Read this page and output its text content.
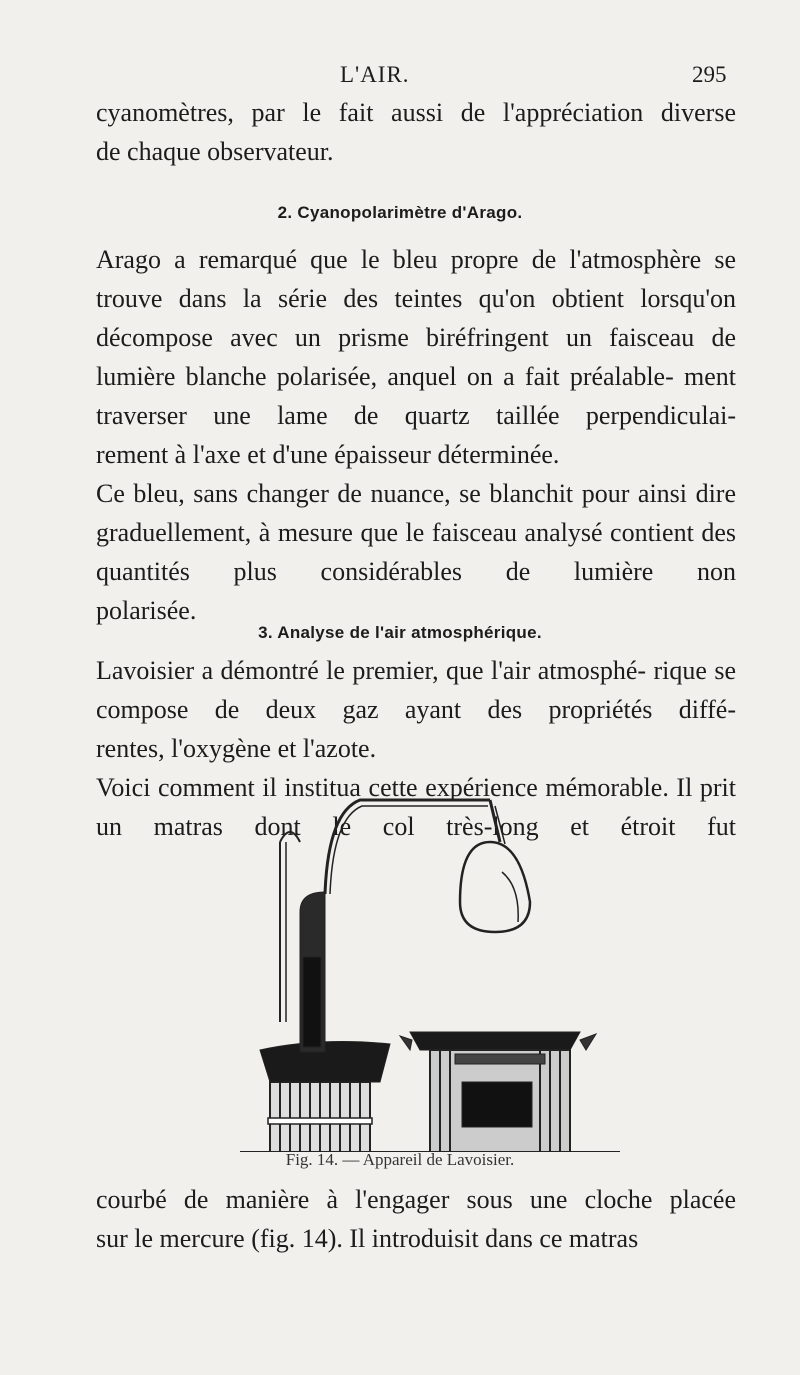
L'AIR.	295

cyanomètres, par le fait aussi de l'appréciation diverse
de chaque observateur.

2. Cyanopolarimètre d'Arago.

Arago a remarqué que le bleu propre de l'atmosphère se trouve dans la série des teintes qu'on obtient lorsqu'on décompose avec un prisme biréfringent un faisceau de lumière blanche polarisée, anquel on a fait préalable- ment traverser une lame de quartz taillée perpendiculai-
rement à l'axe et d'une épaisseur déterminée.

Ce bleu, sans changer de nuance, se blanchit pour ainsi dire graduellement, à mesure que le faisceau analysé contient des quantités plus considérables de lumière non
polarisée.

3. Analyse de l'air atmosphérique.

Lavoisier a démontré le premier, que l'air atmosphé- rique se compose de deux gaz ayant des propriétés diffé-
rentes, l'oxygène et l'azote.

Voici comment il institua cette expérience mémorable. Il prit un matras dont le col très-long et étroit fut

Fig. 14. — Appareil de Lavoisier.

courbé de manière à l'engager sous une cloche placée
sur le mercure (fig. 14). Il introduisit dans ce matras
